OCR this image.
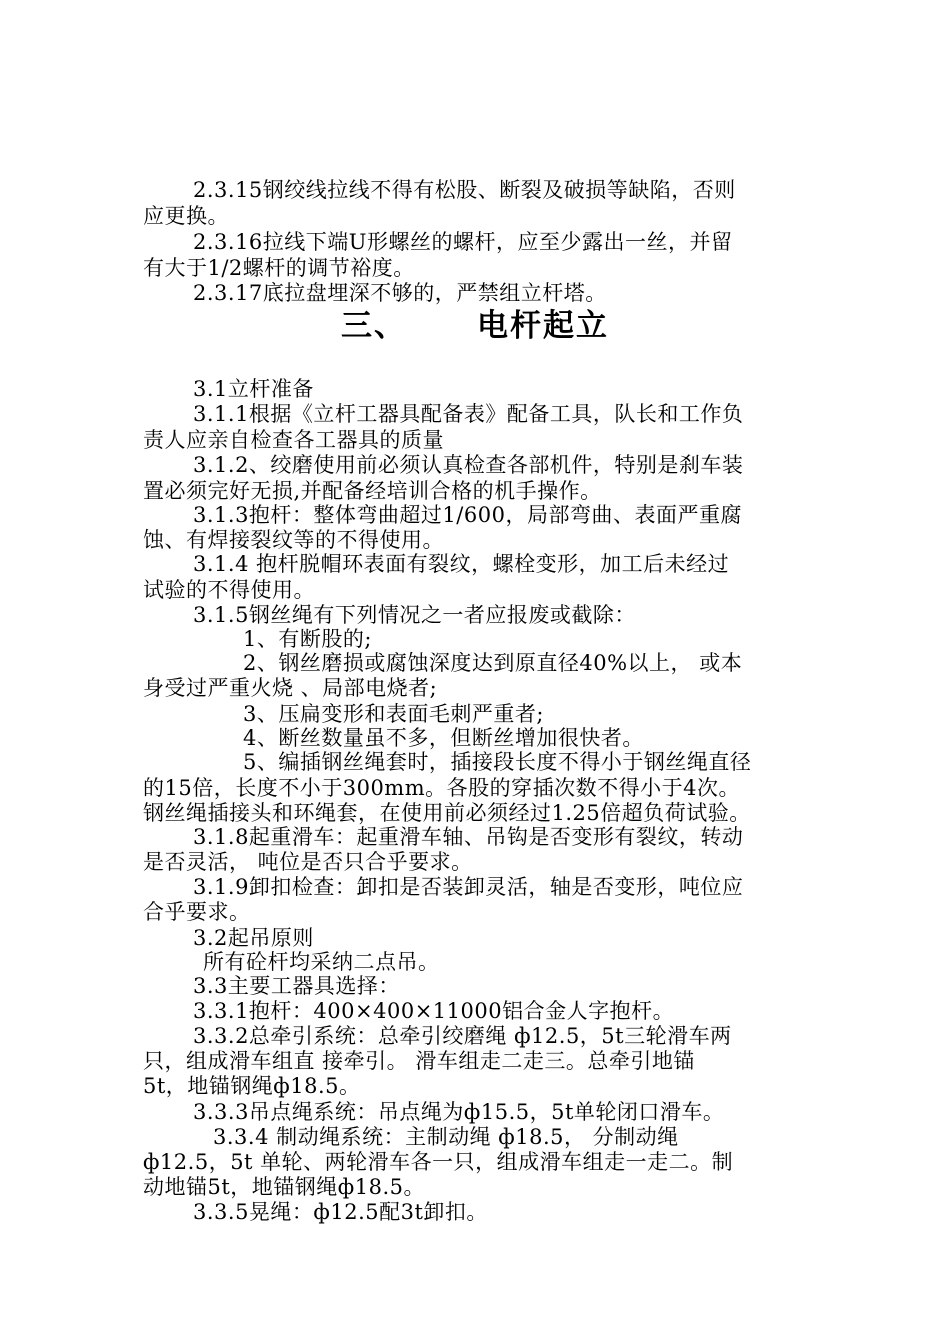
2.3.15钢绞线拉线不得有松股、断裂及破损等缺陷，否则
应更换。
2.3.16拉线下端U形螺丝的螺杆，应至少露出一丝，并留
有大于1/2螺杆的调节裕度。
2.3.17底拉盘埋深不够的，严禁组立杆塔。
三、 电杆起立
3.1立杆准备
3.1.1根据《立杆工器具配备表》配备工具，队长和工作负
责人应亲自检查各工器具的质量
3.1.2、绞磨使用前必须认真检查各部机件，特别是刹车装
置必须完好无损,并配备经培训合格的机手操作。
3.1.3抱杆：整体弯曲超过1/600，局部弯曲、表面严重腐
蚀、有焊接裂纹等的不得使用。
3.1.4 抱杆脱帽环表面有裂纹，螺栓变形，加工后未经过
试验的不得使用。
3.1.5钢丝绳有下列情况之一者应报废或截除：
1、有断股的;
2、钢丝磨损或腐蚀深度达到原直径40%以上， 或本
身受过严重火烧 、局部电烧者;
3、压扁变形和表面毛刺严重者;
4、断丝数量虽不多，但断丝增加很快者。
5、编插钢丝绳套时，插接段长度不得小于钢丝绳直径
的15倍，长度不小于300mm。各股的穿插次数不得小于4次。
钢丝绳插接头和环绳套，在使用前必须经过1.25倍超负荷试验。
3.1.8起重滑车：起重滑车轴、吊钩是否变形有裂纹，转动
是否灵活， 吨位是否只合乎要求。
3.1.9卸扣检查：卸扣是否装卸灵活，轴是否变形，吨位应
合乎要求。
3.2起吊原则
所有砼杆均采纳二点吊。
3.3主要工器具选择：
3.3.1抱杆：400×400×11000铝合金人字抱杆。
3.3.2总牵引系统：总牵引绞磨绳 ф12.5，5t三轮滑车两
只，组成滑车组直 接牵引。 滑车组走二走三。总牵引地锚
5t，地锚钢绳ф18.5。
3.3.3吊点绳系统：吊点绳为ф15.5，5t单轮闭口滑车。
3.3.4 制动绳系统：主制动绳 ф18.5， 分制动绳
ф12.5，5t 单轮、两轮滑车各一只，组成滑车组走一走二。制
动地锚5t，地锚钢绳ф18.5。
3.3.5晃绳：ф12.5配3t卸扣。
